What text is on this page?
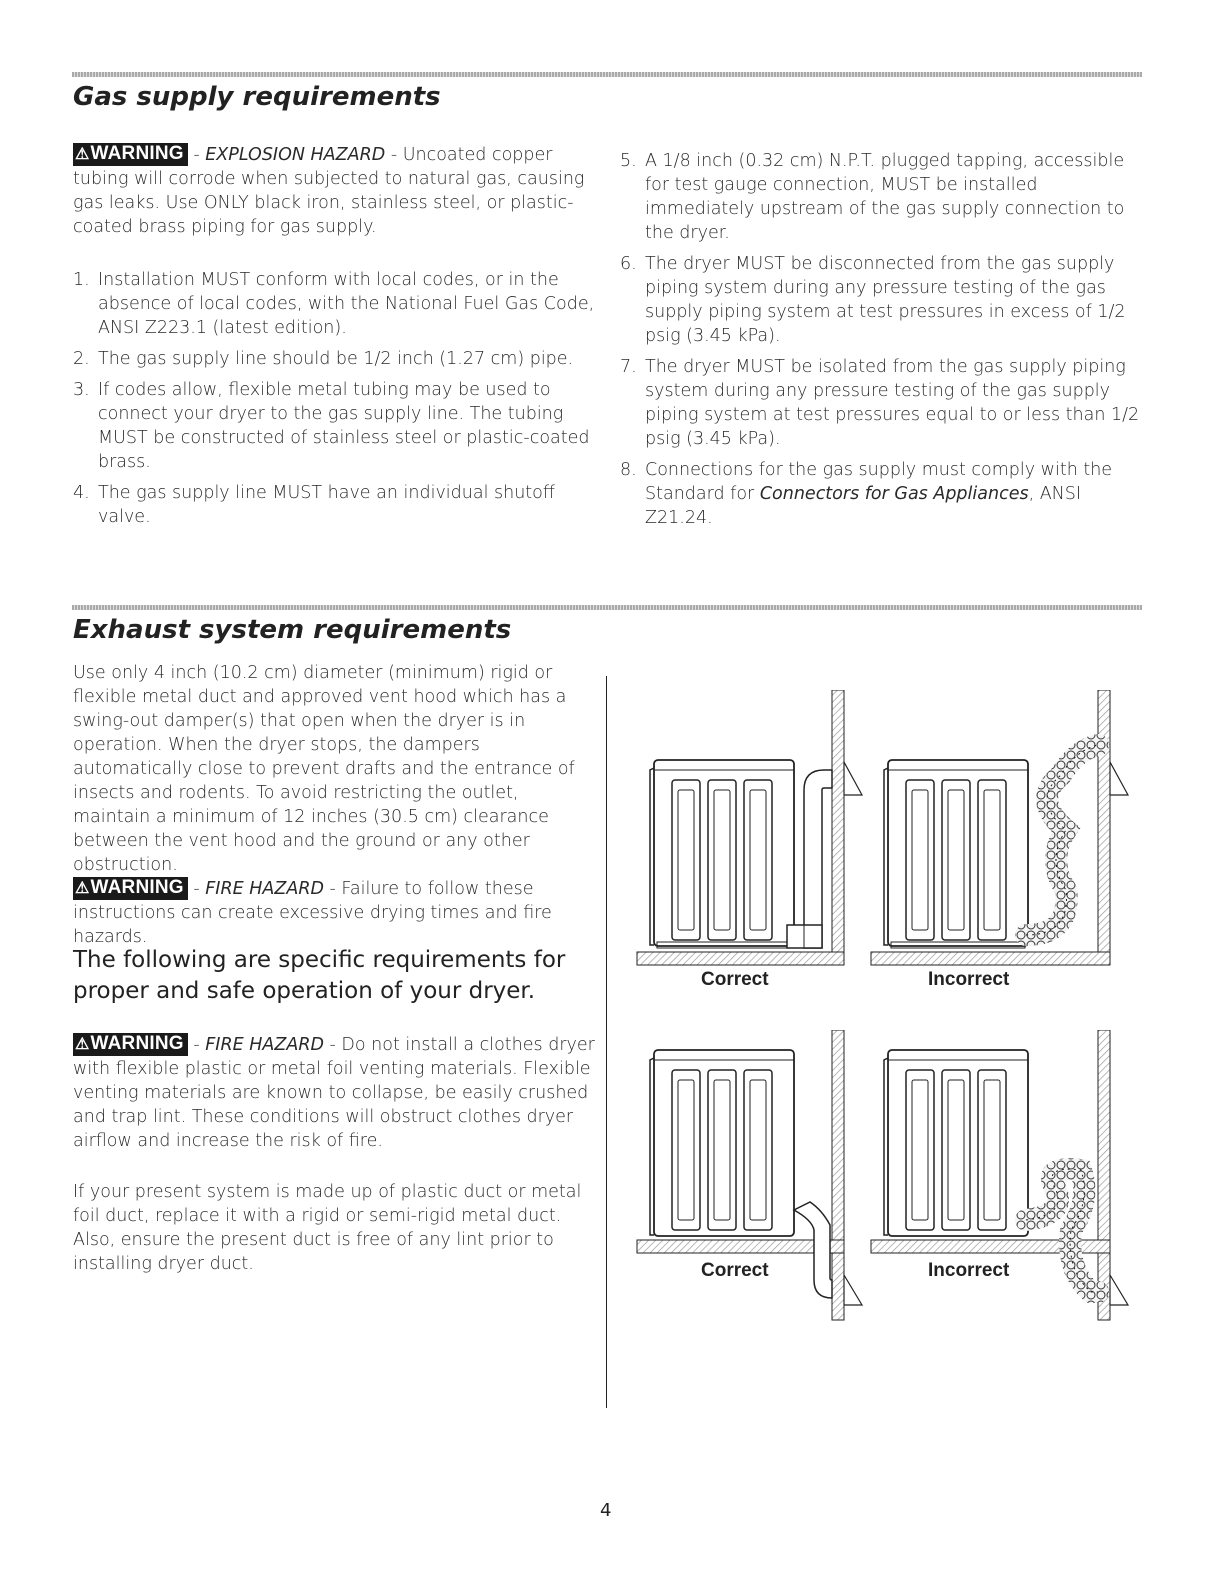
Gas supply requirements

⚠WARNING - EXPLOSION HAZARD - Uncoated copper tubing will corrode when subjected to natural gas, causing gas leaks. Use ONLY black iron, stainless steel, or plastic-coated brass piping for gas supply.

1. Installation MUST conform with local codes, or in the absence of local codes, with the National Fuel Gas Code, ANSI Z223.1 (latest edition).
2. The gas supply line should be 1/2 inch (1.27 cm) pipe.
3. If codes allow, flexible metal tubing may be used to connect your dryer to the gas supply line. The tubing MUST be constructed of stainless steel or plastic-coated brass.
4. The gas supply line MUST have an individual shutoff valve.
5. A 1/8 inch (0.32 cm) N.P.T. plugged tapping, accessible for test gauge connection, MUST be installed immediately upstream of the gas supply connection to the dryer.
6. The dryer MUST be disconnected from the gas supply piping system during any pressure testing of the gas supply piping system at test pressures in excess of 1/2 psig (3.45 kPa).
7. The dryer MUST be isolated from the gas supply piping system during any pressure testing of the gas supply piping system at test pressures equal to or less than 1/2 psig (3.45 kPa).
8. Connections for the gas supply must comply with the Standard for Connectors for Gas Appliances, ANSI Z21.24.
Exhaust system requirements

Use only 4 inch (10.2 cm) diameter (minimum) rigid or flexible metal duct and approved vent hood which has a swing-out damper(s) that open when the dryer is in operation. When the dryer stops, the dampers automatically close to prevent drafts and the entrance of insects and rodents. To avoid restricting the outlet, maintain a minimum of 12 inches (30.5 cm) clearance between the vent hood and the ground or any other obstruction.

⚠WARNING - FIRE HAZARD - Failure to follow these instructions can create excessive drying times and fire hazards.

The following are specific requirements for proper and safe operation of your dryer.

⚠WARNING - FIRE HAZARD - Do not install a clothes dryer with flexible plastic or metal foil venting materials. Flexible venting materials are known to collapse, be easily crushed and trap lint. These conditions will obstruct clothes dryer airflow and increase the risk of fire.

If your present system is made up of plastic duct or metal foil duct, replace it with a rigid or semi-rigid metal duct. Also, ensure the present duct is free of any lint prior to installing dryer duct.

Correct	Incorrect
Correct	Incorrect
4
